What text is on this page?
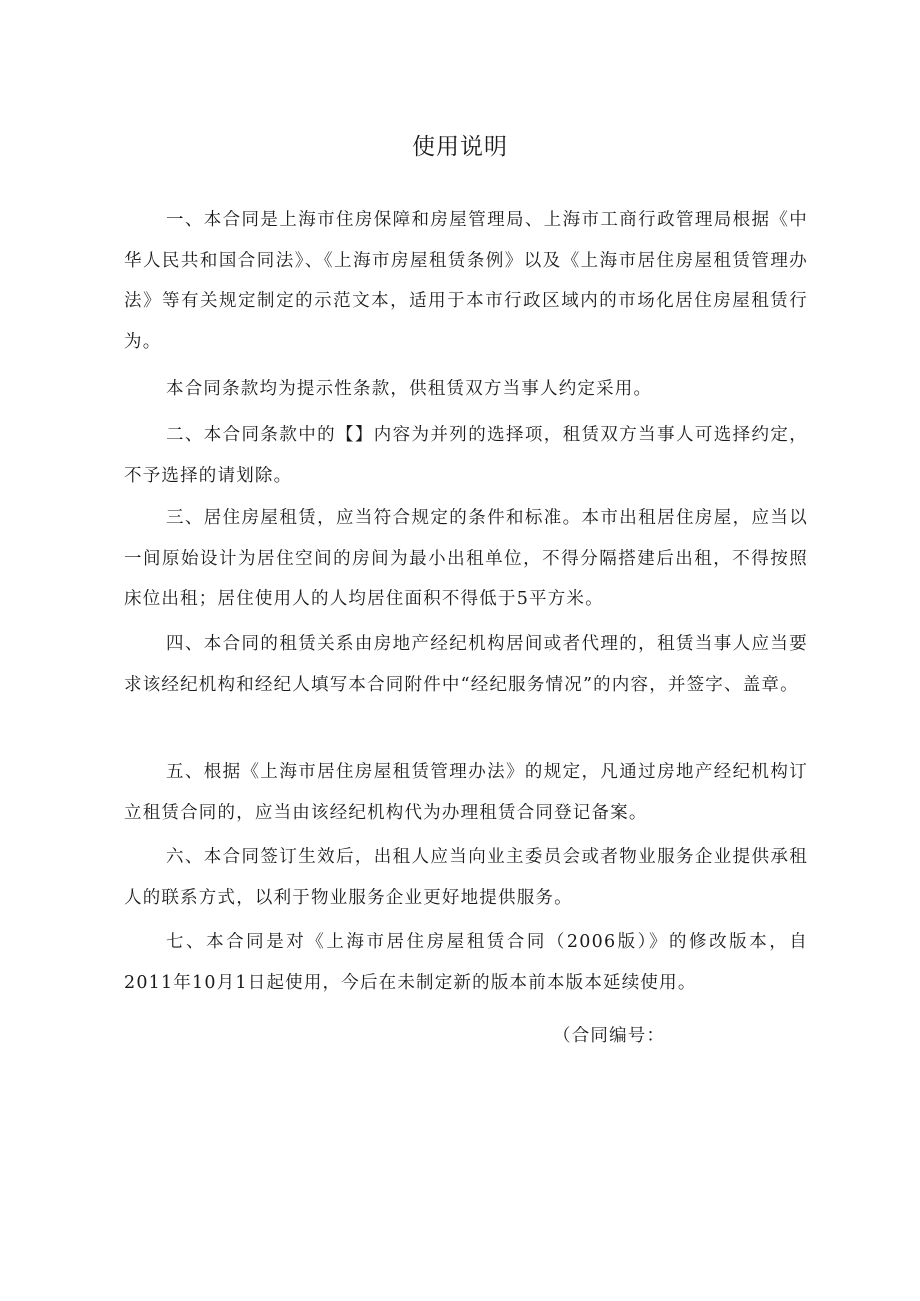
使用说明

一、本合同是上海市住房保障和房屋管理局、上海市工商行政管理局根据《中华人民共和国合同法》、《上海市房屋租赁条例》以及《上海市居住房屋租赁管理办法》等有关规定制定的示范文本，适用于本市行政区域内的市场化居住房屋租赁行为。

本合同条款均为提示性条款，供租赁双方当事人约定采用。

二、本合同条款中的【】内容为并列的选择项，租赁双方当事人可选择约定，不予选择的请划除。

三、居住房屋租赁，应当符合规定的条件和标准。本市出租居住房屋，应当以一间原始设计为居住空间的房间为最小出租单位，不得分隔搭建后出租，不得按照床位出租；居住使用人的人均居住面积不得低于5平方米。

四、本合同的租赁关系由房地产经纪机构居间或者代理的，租赁当事人应当要求该经纪机构和经纪人填写本合同附件中“经纪服务情况”的内容，并签字、盖章。

五、根据《上海市居住房屋租赁管理办法》的规定，凡通过房地产经纪机构订立租赁合同的，应当由该经纪机构代为办理租赁合同登记备案。

六、本合同签订生效后，出租人应当向业主委员会或者物业服务企业提供承租人的联系方式，以利于物业服务企业更好地提供服务。

七、本合同是对《上海市居住房屋租赁合同（2006版）》的修改版本，自2011年10月1日起使用，今后在未制定新的版本前本版本延续使用。

（合同编号：
